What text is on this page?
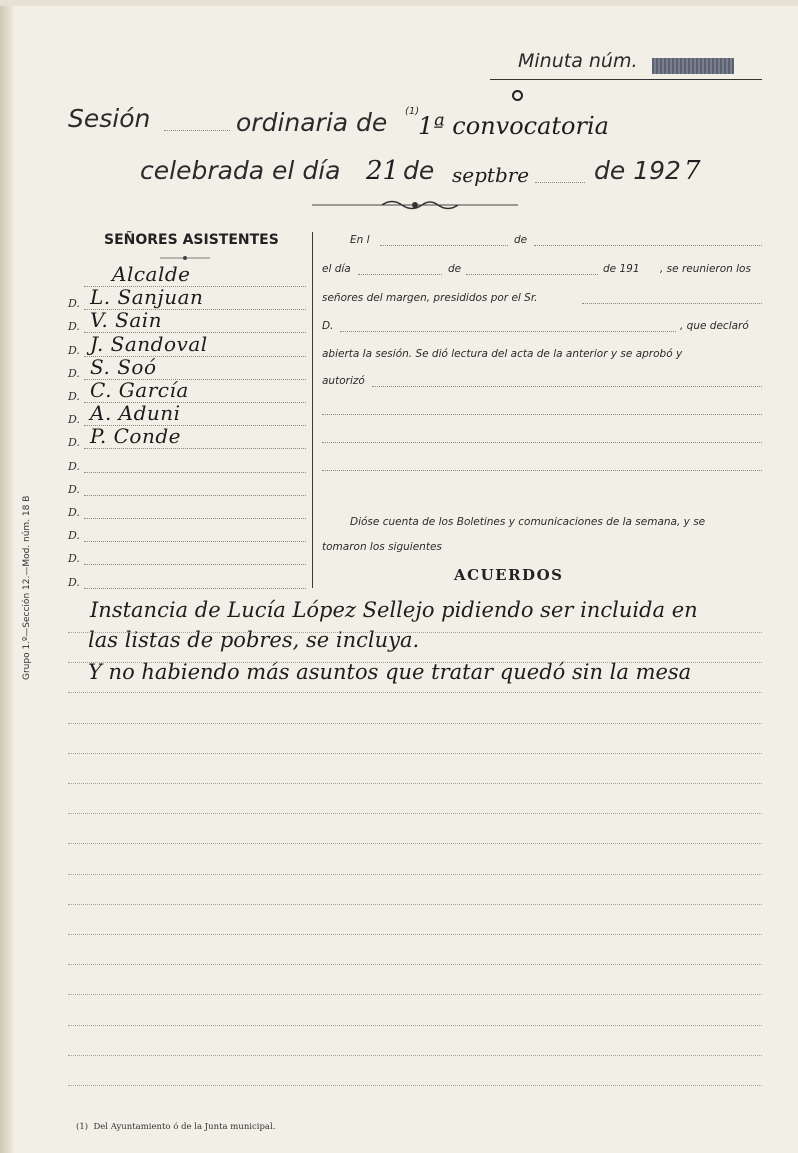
Minuta núm.
Sesión	ordinaria de (1)
1ª convocatoria
celebrada el día 21 de septbre	de 192 7
SEÑORES ASISTENTES
Alcalde
D. L. Sanjuan
D. V. Sain
D. J. Sandoval
D. S. Soó
D. C. García
D. A. Aduni
D. P. Conde
D.
D.
D.
D.
D.
D.
Grupo 1.º—Sección 12.—Mod. núm. 18 B
En l	de
el día	de	de 191 , se reunieron los
señores del margen, presididos por el Sr.
D.	, que declaró
abierta la sesión. Se dió lectura del acta de la anterior y se aprobó y
autorizó
Dióse cuenta de los Boletines y comunicaciones de la semana, y se
tomaron los siguientes
ACUERDOS
Instancia de Lucía López Sellejo pidiendo ser incluida en
las listas de pobres, se incluya.
Y no habiendo más asuntos que tratar quedó sin la mesa
(1)  Del Ayuntamiento ó de la Junta municipal.
